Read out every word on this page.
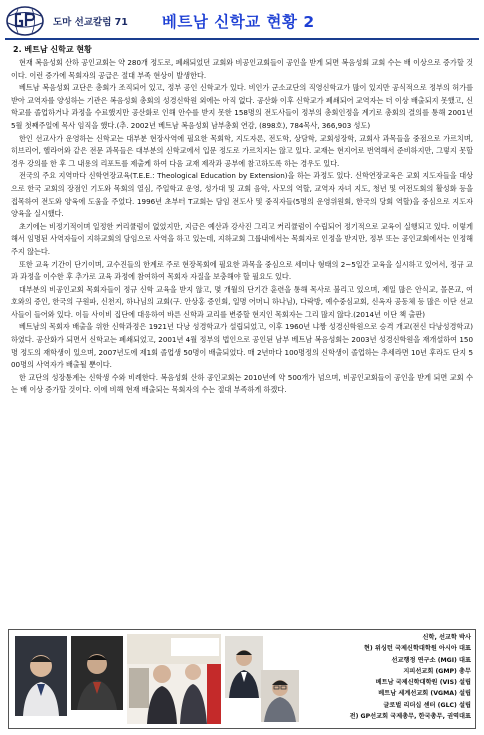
도마 선교칼럼 71 베트남 신학교 현황 2
2. 베트남 신학교 현황

현재 복음성회 산하 공인교회는 약 280개 정도로, 폐쇄되었던 교회와 비공인교회들이 공인을 받게 되면 복음성회 교회 수는 배 이상으로 증가할 것이다. 이런 증가에 목회자의 공급은 절대 부족 현상이 발생한다.

베트남 복음성회 교단은 총회가 조직되어 있고, 정부 공인 신학교가 있다. 비인가 군소교단의 직영신학교가 많이 있지만 공식적으로 정부의 허가를 받아 교역자를 양성하는 기관은 복음성회 총회의 성경신학원 외에는 아직 없다. 공산화 이후 신학교가 폐쇄되어 교역자는 더 이상 배출되지 못했고, 신학교를 졸업하거나 과정을 수료했지만 공산화로 인해 안수를 받지 못한 158명의 전도사들이 정부의 총회인정을 계기로 총회의 결의를 통해 2001년 5월 첫째주일에 목사 임직을 했다.(추. 2002년 베트남 복음성회 남부총회 연감, (898호), 784목사, 366,903 성도)

한인 선교사가 운영하는 신학교는 대부분 현장사역에 필요한 목회학, 지도자론, 전도학, 상담학, 교회성장학, 교회사 과목들을 중점으로 가르치며, 히브리어, 헬라어와 같은 전문 과목들은 대부분의 신학교에서 입문 정도로 가르치지는 않고 있다. 교재는 현지어로 번역해서 준비하지만, 그렇지 못할 경우 강의를 한 후 그 내용의 리포트를 제출케 하여 다음 교재 제작과 공부에 참고하도록 하는 경우도 있다.

전국의 주요 지역마다 신학연장교육(T.E.E.: Theological Education by Extension)을 하는 과정도 있다. 신학연장교육은 교회 지도자들을 대상으로 한국 교회의 장점인 기도와 목회의 열심, 주일학교 운영, 성가대 및 교회 음악, 사모의 역할, 교역자 자녀 지도, 청년 및 여전도회의 활성화 등을 접목하여 전도와 양육에 도움을 주었다. 1996년 초부터 T교회는 담임 전도사 및 중직자들(5명의 운영위원회, 한국의 당회 역할)을 중심으로 지도자 양육을 실시했다.

초기에는 비정기적이며 일정한 커리큘럼이 없었지만, 지금은 예산과 강사진 그리고 커리큘럼이 수립되어 정기적으로 교육이 실행되고 있다. 이렇게 해서 임명된 사역자들이 지하교회의 담임으로 사역을 하고 있는데, 지하교회 그룹내에서는 목회자로 인정을 받지만, 정부 또는 공인교회에서는 인정해주지 않는다.

또한 교육 기간이 단기이며, 교수진들의 한계로 주로 현장목회에 필요한 과목을 중심으로 세미나 형태의 2~5일간 교육을 실시하고 있어서, 정규 교과 과정을 이수한 후 추가로 교육 과정에 참여하여 목회자 자질을 보충해야 할 필요도 있다.

대부분의 비공인교회 목회자들이 정규 신학 교육을 받지 않고, 몇 개월의 단기간 훈련을 통해 목사로 불리고 있으며, 제일 많은 안식교, 몰몬교, 여호와의 증인, 한국의 구원파, 신천지, 하나님의 교회(구. 안상홍 증인회, 일명 어머니 하나님), 다락방, 예수중심교회, 신옥자 공동체 등 많은 이단 선교사들이 들어와 있다. 이들 사이비 집단에 대응하여 바른 신학과 교리를 변증할 현지인 목회자는 그리 많지 않다.(2014년 이단 책 출판)

베트남의 목회자 배출을 위한 신학과정은 1921년 다낭 성경학교가 설립되었고, 이후 1960년 냐짱 성경신학원으로 승격 개교(전신 다낭성경학교)하였다. 공산화가 되면서 신학교는 폐쇄되었고, 2001년 4월 정부의 법인으로 공인된 남부 베트남 복음성회는 2003년 성경신학원을 재개설하여 150명 정도의 재학생이 있으며, 2007년도에 제1회 졸업생 50명이 배출되었다. 매 2년마다 100명정의 신학생이 졸업하는 추세라면 10년 후라도 단지 500명의 사역자가 배출될 뿐이다.

한 교단의 성장통계는 신학생 수와 비례한다. 복음성회 산하 공인교회는 2010년에 약 500개가 넘으며, 비공인교회들이 공인을 받게 되면 교회 수는 배 이상 증가할 것이다. 이에 비해 현재 배출되는 목회자의 수는 절대 부족하게 하겠다.

신학, 선교학 박사
현) 위싱턴 국제신학대학원 아시아 대표
선교행정 연구소 (MGI) 대표
지피선교회 (GMP) 총무
베트남 국제신학대학원 (VIS) 설립
베트남 세계선교회 (VGMA) 설립
글로벌 리더십 센터 (GLC) 설립
전) GP선교회 국제총무, 한국총무, 권역대표
